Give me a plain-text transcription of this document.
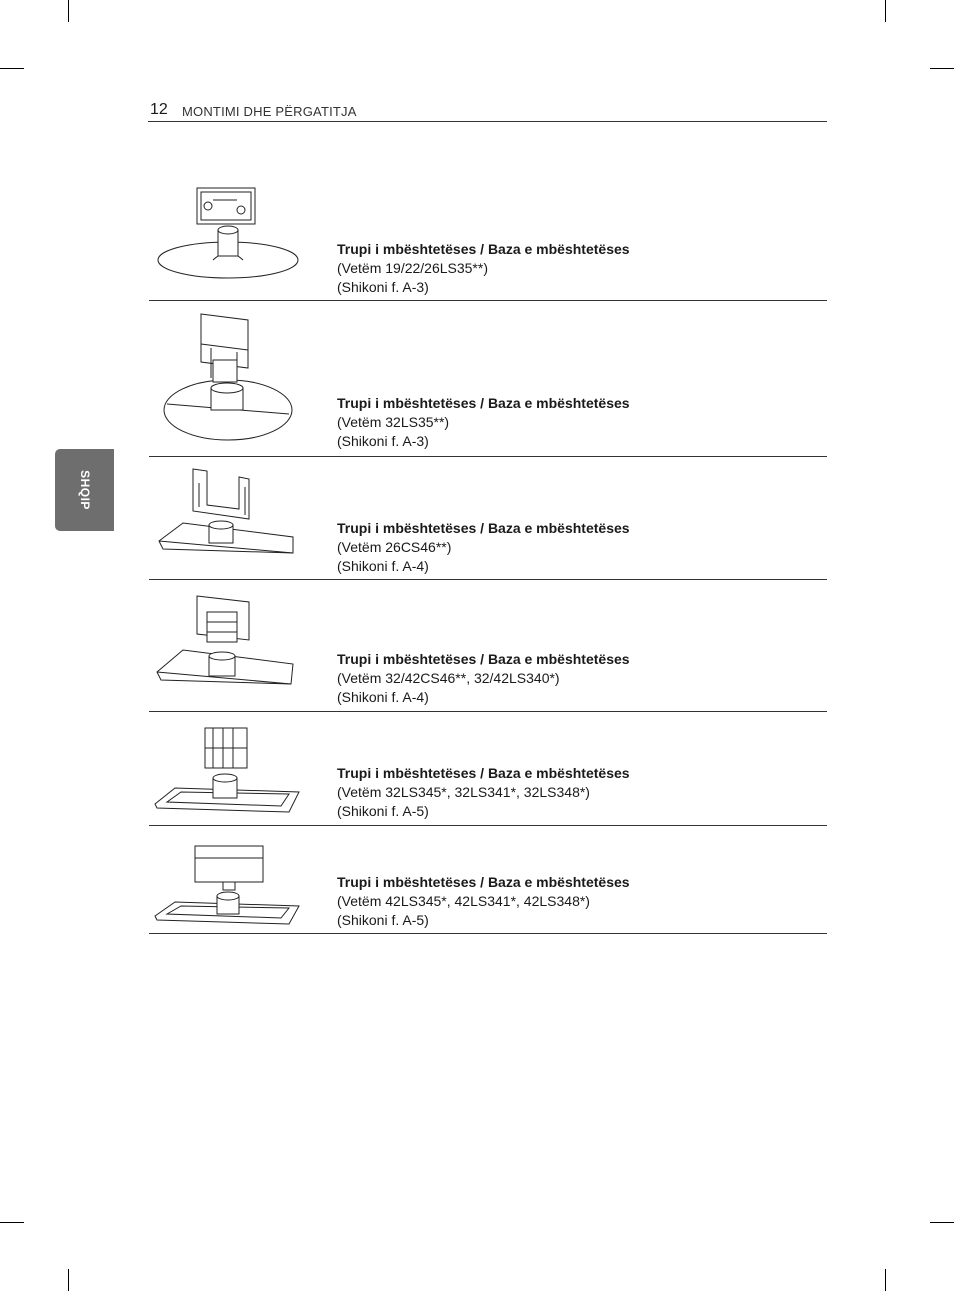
12 MONTIMI DHE PËRGATITJA
SHQIP
Trupi i mbështetëses / Baza e mbështetëses
(Vetëm 19/22/26LS35**)
(Shikoni f. A-3)
Trupi i mbështetëses / Baza e mbështetëses
(Vetëm 32LS35**)
(Shikoni f. A-3)
Trupi i mbështetëses / Baza e mbështetëses
(Vetëm 26CS46**)
(Shikoni f. A-4)
Trupi i mbështetëses / Baza e mbështetëses
(Vetëm 32/42CS46**, 32/42LS340*)
(Shikoni f. A-4)
Trupi i mbështetëses / Baza e mbështetëses
(Vetëm 32LS345*, 32LS341*, 32LS348*)
(Shikoni f. A-5)
Trupi i mbështetëses / Baza e mbështetëses
(Vetëm 42LS345*, 42LS341*, 42LS348*)
(Shikoni f. A-5)
